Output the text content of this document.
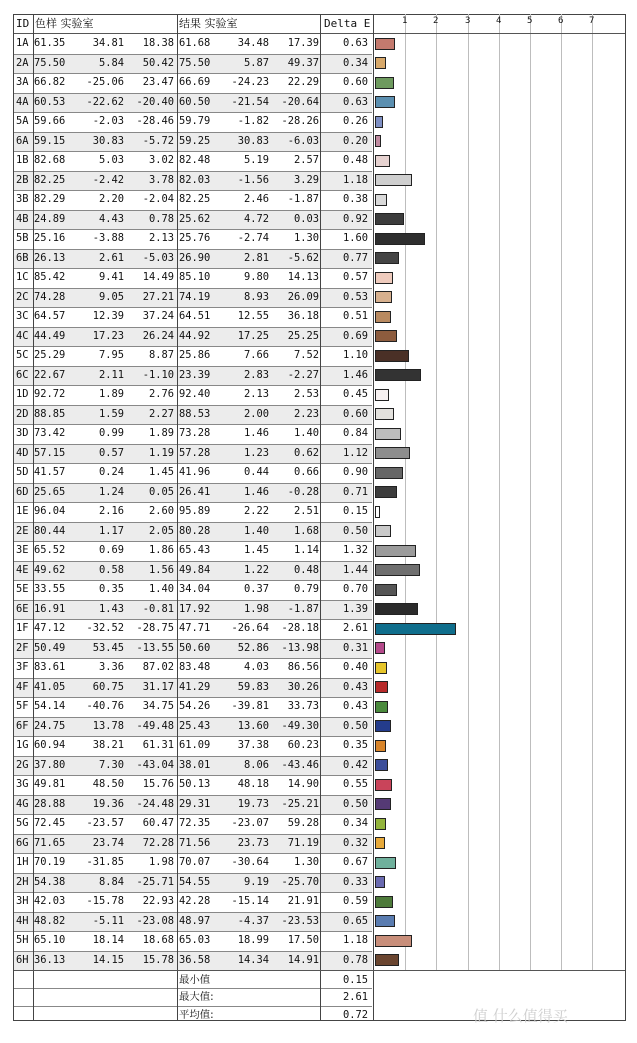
ID 色样 实验室	结果 实验室	Delta E
1A 61.35	34.81	18.38 61.68	34.48	17.39	0.63
2A 75.50	5.84	50.42 75.50	5.87	49.37	0.34
3A 66.82	-25.06	23.47 66.69	-24.23	22.29	0.60
4A 60.53	-22.62	-20.40 60.50	-21.54	-20.64	0.63
5A 59.66	-2.03	-28.46 59.79	-1.82	-28.26	0.26
6A 59.15	30.83	-5.72 59.25	30.83	-6.03	0.20
1B 82.68	5.03	3.02 82.48	5.19	2.57	0.48
2B 82.25	-2.42	3.78 82.03	-1.56	3.29	1.18
3B 82.29	2.20	-2.04 82.25	2.46	-1.87	0.38
4B 24.89	4.43	0.78 25.62	4.72	0.03	0.92
5B 25.16	-3.88	2.13 25.76	-2.74	1.30	1.60
6B 26.13	2.61	-5.03 26.90	2.81	-5.62	0.77
1C 85.42	9.41	14.49 85.10	9.80	14.13	0.57
2C 74.28	9.05	27.21 74.19	8.93	26.09	0.53
3C 64.57	12.39	37.24 64.51	12.55	36.18	0.51
4C 44.49	17.23	26.24 44.92	17.25	25.25	0.69
5C 25.29	7.95	8.87 25.86	7.66	7.52	1.10
6C 22.67	2.11	-1.10 23.39	2.83	-2.27	1.46
1D 92.72	1.89	2.76 92.40	2.13	2.53	0.45
2D 88.85	1.59	2.27 88.53	2.00	2.23	0.60
3D 73.42	0.99	1.89 73.28	1.46	1.40	0.84
4D 57.15	0.57	1.19 57.28	1.23	0.62	1.12
5D 41.57	0.24	1.45 41.96	0.44	0.66	0.90
6D 25.65	1.24	0.05 26.41	1.46	-0.28	0.71
1E 96.04	2.16	2.60 95.89	2.22	2.51	0.15
2E 80.44	1.17	2.05 80.28	1.40	1.68	0.50
3E 65.52	0.69	1.86 65.43	1.45	1.14	1.32
4E 49.62	0.58	1.56 49.84	1.22	0.48	1.44
5E 33.55	0.35	1.40 34.04	0.37	0.79	0.70
6E 16.91	1.43	-0.81 17.92	1.98	-1.87	1.39
1F 47.12	-32.52	-28.75 47.71	-26.64	-28.18	2.61
2F 50.49	53.45	-13.55 50.60	52.86	-13.98	0.31
3F 83.61	3.36	87.02 83.48	4.03	86.56	0.40
4F 41.05	60.75	31.17 41.29	59.83	30.26	0.43
5F 54.14	-40.76	34.75 54.26	-39.81	33.73	0.43
6F 24.75	13.78	-49.48 25.43	13.60	-49.30	0.50
1G 60.94	38.21	61.31 61.09	37.38	60.23	0.35
2G 37.80	7.30	-43.04 38.01	8.06	-43.46	0.42
3G 49.81	48.50	15.76 50.13	48.18	14.90	0.55
4G 28.88	19.36	-24.48 29.31	19.73	-25.21	0.50
5G 72.45	-23.57	60.47 72.35	-23.07	59.28	0.34
6G 71.65	23.74	72.28 71.56	23.73	71.19	0.32
1H 70.19	-31.85	1.98 70.07	-30.64	1.30	0.67
2H 54.38	8.84	-25.71 54.55	9.19	-25.70	0.33
3H 42.03	-15.78	22.93 42.28	-15.14	21.91	0.59
4H 48.82	-5.11	-23.08 48.97	-4.37	-23.53	0.65
5H 65.10	18.14	18.68 65.03	18.99	17.50	1.18
6H 36.13	14.15	15.78 36.58	14.34	14.91	0.78
1	2	3	4	5	6	7
最小值	0.15
最大值:	2.61
平均值:	0.72	值 什么值得买
